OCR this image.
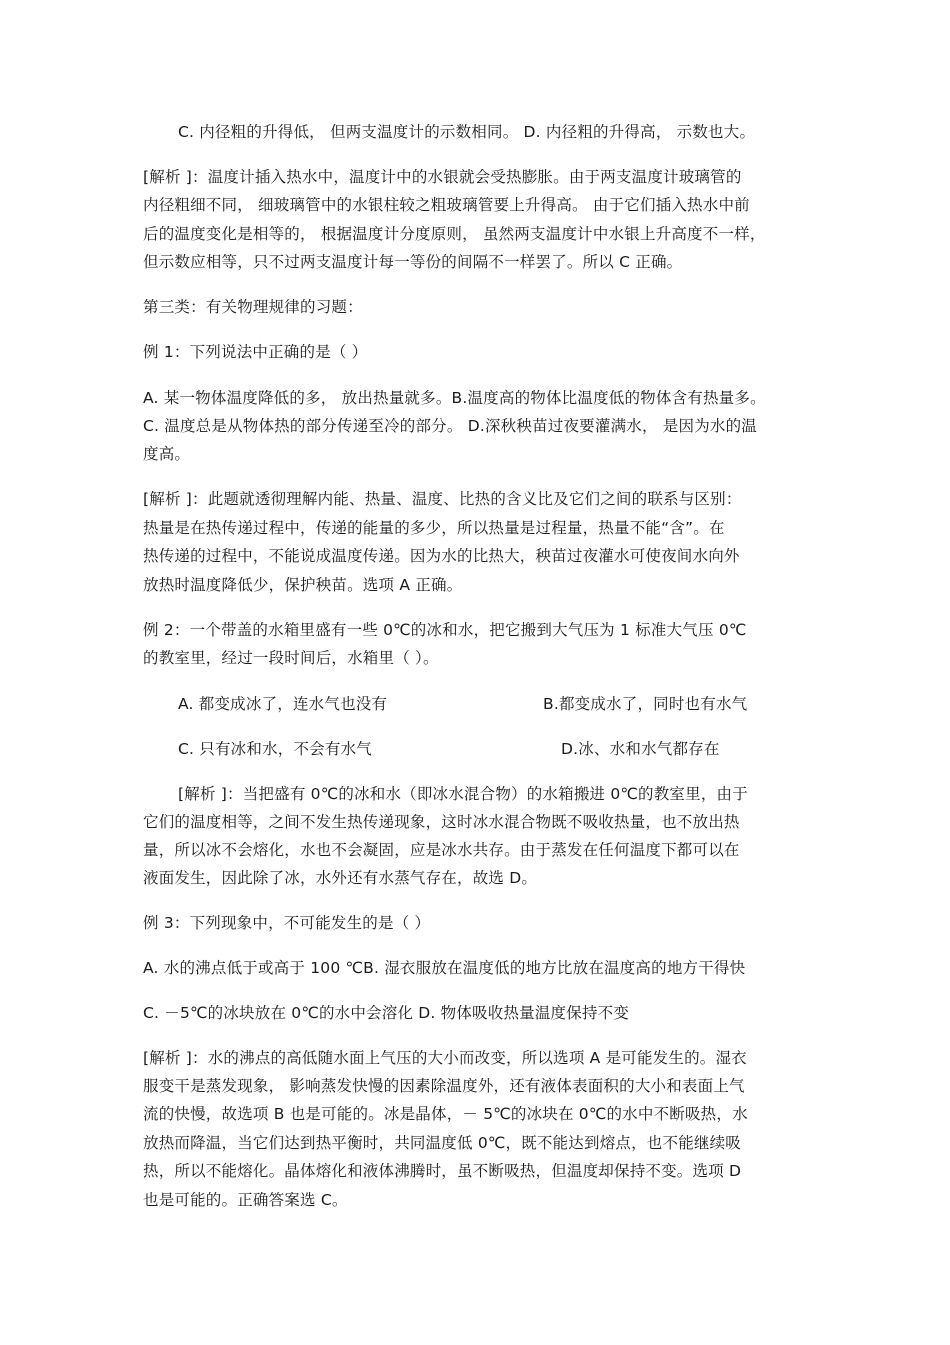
C. 内径粗的升得低， 但两支温度计的示数相同。 D. 内径粗的升得高， 示数也大。
[解析 ]：温度计插入热水中，温度计中的水银就会受热膨胀。由于两支温度计玻璃管的
内径粗细不同， 细玻璃管中的水银柱较之粗玻璃管要上升得高。 由于它们插入热水中前
后的温度变化是相等的， 根据温度计分度原则， 虽然两支温度计中水银上升高度不一样，
但示数应相等，只不过两支温度计每一等份的间隔不一样罢了。所以 C 正确。
第三类：有关物理规律的习题：
例 1：下列说法中正确的是（ ）
A. 某一物体温度降低的多， 放出热量就多。B.温度高的物体比温度低的物体含有热量多。
C. 温度总是从物体热的部分传递至冷的部分。 D.深秋秧苗过夜要灌满水， 是因为水的温
度高。
[解析 ]：此题就透彻理解内能、热量、温度、比热的含义比及它们之间的联系与区别：
热量是在热传递过程中，传递的能量的多少，所以热量是过程量，热量不能“含”。在
热传递的过程中，不能说成温度传递。因为水的比热大，秧苗过夜灌水可使夜间水向外
放热时温度降低少，保护秧苗。选项 A 正确。
例 2：一个带盖的水箱里盛有一些 0℃的冰和水，把它搬到大气压为 1 标准大气压 0℃
的教室里，经过一段时间后，水箱里（ ）。
A. 都变成冰了，连水气也没有	B.都变成水了，同时也有水气
C. 只有冰和水，不会有水气	D.冰、水和水气都存在
[解析 ]：当把盛有 0℃的冰和水（即冰水混合物）的水箱搬进 0℃的教室里，由于
它们的温度相等，之间不发生热传递现象，这时冰水混合物既不吸收热量，也不放出热
量，所以冰不会熔化，水也不会凝固，应是冰水共存。由于蒸发在任何温度下都可以在
液面发生，因此除了冰，水外还有水蒸气存在，故选 D。
例 3：下列现象中，不可能发生的是（ ）
A. 水的沸点低于或高于 100 ℃B. 湿衣服放在温度低的地方比放在温度高的地方干得快
C. －5℃的冰块放在 0℃的水中会溶化 D. 物体吸收热量温度保持不变
[解析 ]：水的沸点的高低随水面上气压的大小而改变，所以选项 A 是可能发生的。湿衣
服变干是蒸发现象， 影响蒸发快慢的因素除温度外，还有液体表面积的大小和表面上气
流的快慢，故选项 B 也是可能的。冰是晶体，－ 5℃的冰块在 0℃的水中不断吸热，水
放热而降温，当它们达到热平衡时，共同温度低 0℃，既不能达到熔点，也不能继续吸
热，所以不能熔化。晶体熔化和液体沸腾时，虽不断吸热，但温度却保持不变。选项 D
也是可能的。正确答案选 C。
